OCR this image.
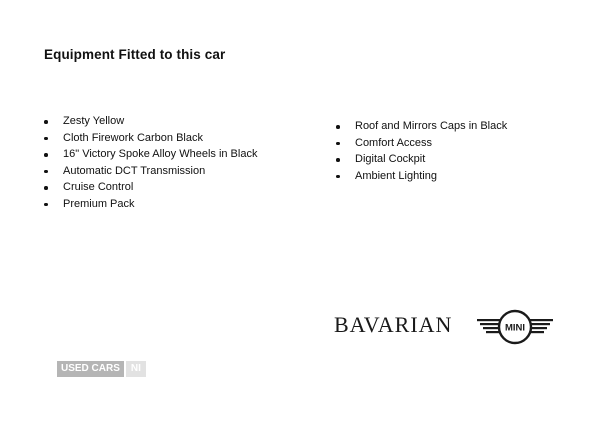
Equipment Fitted to this car
Zesty Yellow
Cloth Firework Carbon Black
16" Victory Spoke Alloy Wheels in Black
Automatic DCT Transmission
Cruise Control
Premium Pack
Roof and Mirrors Caps in Black
Comfort Access
Digital Cockpit
Ambient Lighting
BAVARIAN	MINI
USED CARS	NI
